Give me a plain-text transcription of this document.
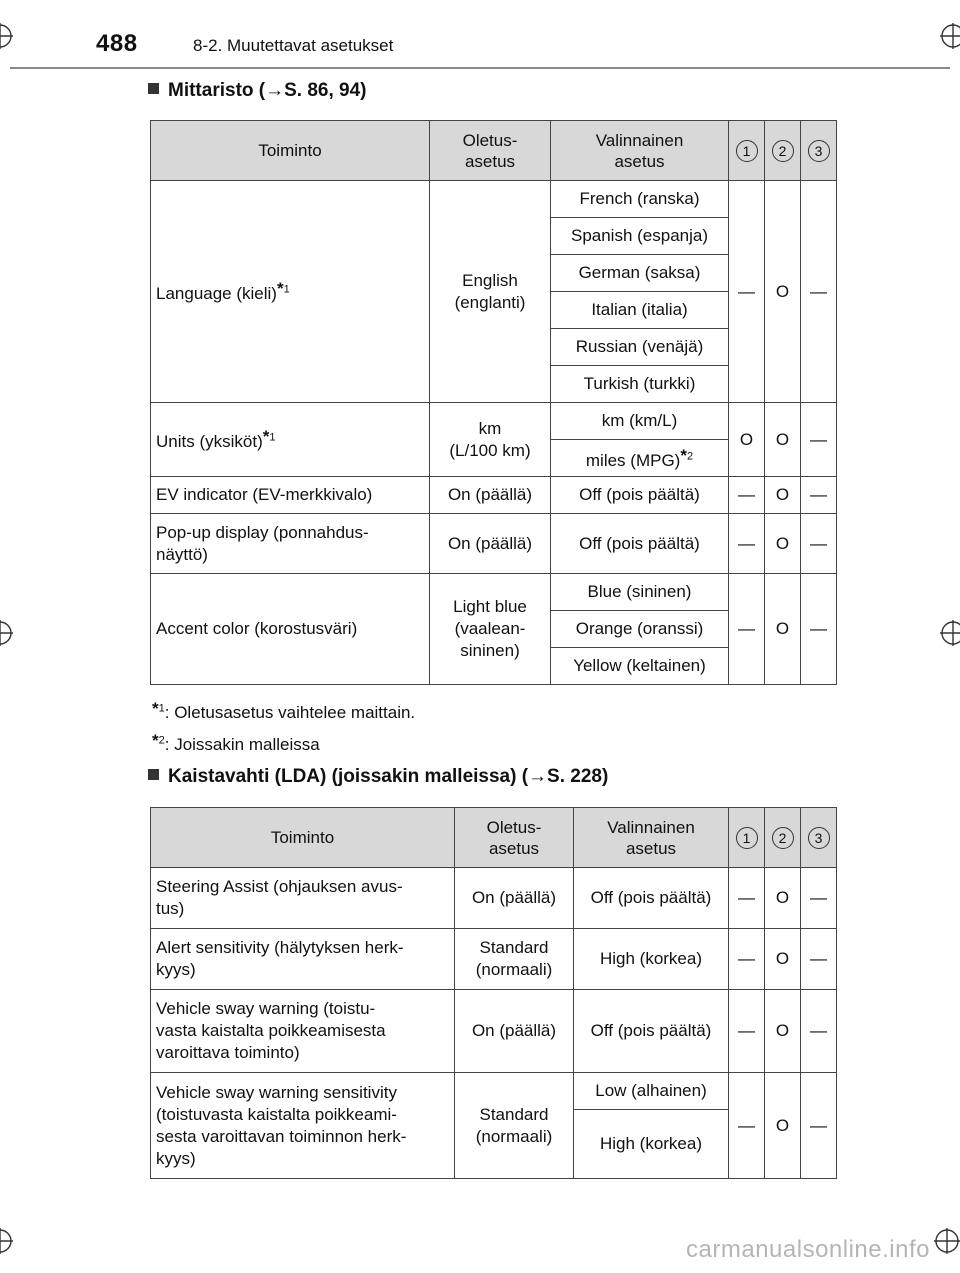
488	8-2. Muutettavat asetukset
Mittaristo (→S. 86, 94)
Toiminto	Oletus-
asetus	Valinnainen
asetus	1	2	3
Language (kieli)*$^1$	English
(englanti)	French (ranska)	—	O	—
		Spanish (espanja)			
		German (saksa)			
		Italian (italia)			
		Russian (venäjä)			
		Turkish (turkki)			
Units (yksiköt)*$^1$	km
(L/100 km)	km (km/L)	O	O	—
		miles (MPG)*$^2$
EV indicator (EV-merkkivalo)	On (päällä)	Off (pois päältä)	—	O	—
Pop-up display (ponnahdus-
näyttö)	On (päällä)	Off (pois päältä)	—	O	—
Accent color (korostusväri)	Light blue
(vaalean-
sininen)	Blue (sininen)	—	O	—
		Orange (oranssi)			
		Yellow (keltainen)			
*$^1$: Oletusasetus vaihtelee maittain.
*$^2$: Joissakin malleissa
Kaistavahti (LDA) (joissakin malleissa) (→S. 228)
Toiminto	Oletus-
asetus	Valinnainen
asetus	1	2	3
Steering Assist (ohjauksen avus-
tus)	On (päällä)	Off (pois päältä)	—	O	—
Alert sensitivity (hälytyksen herk-
kyys)	Standard
(normaali)	High (korkea)	—	O	—
Vehicle sway warning (toistu-
vasta kaistalta poikkeamisesta
varoittava toiminto)	On (päällä)	Off (pois päältä)	—	O	—
Vehicle sway warning sensitivity
(toistuvasta kaistalta poikkeami-
sesta varoittavan toiminnon herk-
kyys)	Standard
(normaali)	Low (alhainen)	—	O	—
		High (korkea)			
carmanualsonline.info
